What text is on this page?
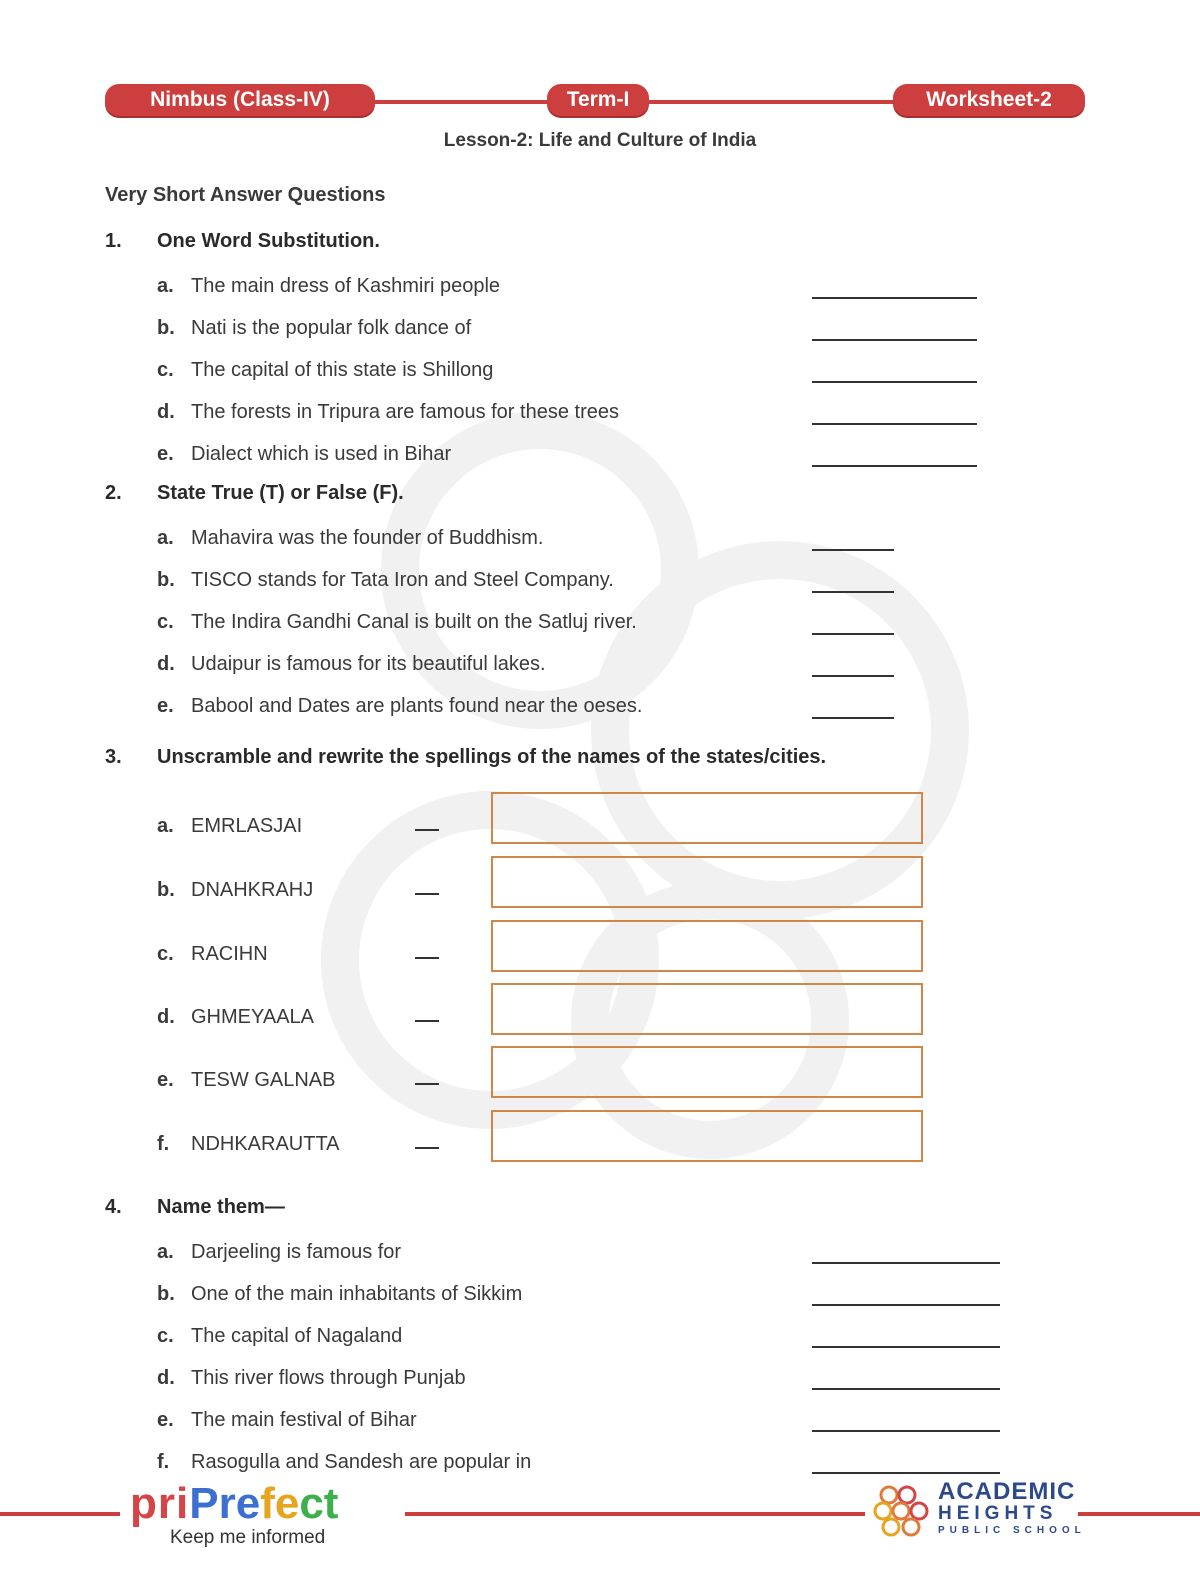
Nimbus (Class-IV)	Term-I	Worksheet-2
Lesson-2: Life and Culture of India
Very Short Answer Questions
1. One Word Substitution.
a. The main dress of Kashmiri people
b. Nati is the popular folk dance of
c. The capital of this state is Shillong
d. The forests in Tripura are famous for these trees
e. Dialect which is used in Bihar
2. State True (T) or False (F).
a. Mahavira was the founder of Buddhism.
b. TISCO stands for Tata Iron and Steel Company.
c. The Indira Gandhi Canal is built on the Satluj river.
d. Udaipur is famous for its beautiful lakes.
e. Babool and Dates are plants found near the oeses.
3. Unscramble and rewrite the spellings of the names of the states/cities.
a. EMRLASJAI
b. DNAHKRAHJ
c. RACIHN
d. GHMEYAALA
e. TESW GALNAB
f. NDHKARAUTTA
4. Name them—
a. Darjeeling is famous for
b. One of the main inhabitants of Sikkim
c. The capital of Nagaland
d. This river flows through Punjab
e. The main festival of Bihar
f. Rasogulla and Sandesh are popular in
priPrefect
Keep me informed
ACADEMIC
HEIGHTS
PUBLIC SCHOOL
